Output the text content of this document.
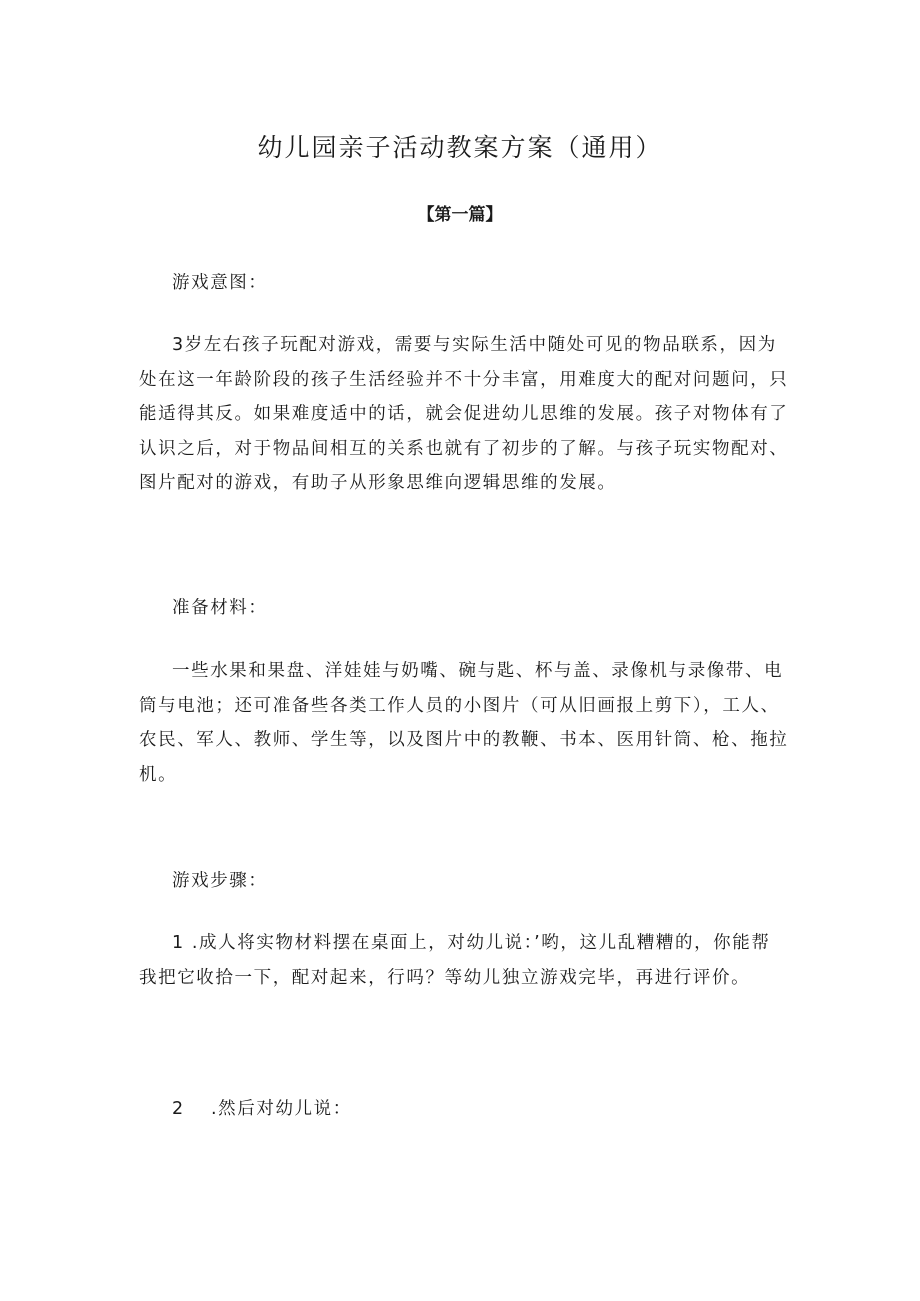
幼儿园亲子活动教案方案（通用）
【第一篇】

游戏意图：

3岁左右孩子玩配对游戏，需要与实际生活中随处可见的物品联系，因为处在这一年龄阶段的孩子生活经验并不十分丰富，用难度大的配对问题问，只能适得其反。如果难度适中的话，就会促进幼儿思维的发展。孩子对物体有了认识之后，对于物品间相互的关系也就有了初步的了解。与孩子玩实物配对、图片配对的游戏，有助子从形象思维向逻辑思维的发展。

准备材料：

一些水果和果盘、洋娃娃与奶嘴、碗与匙、杯与盖、录像机与录像带、电筒与电池；还可准备些各类工作人员的小图片（可从旧画报上剪下），工人、农民、军人、教师、学生等，以及图片中的教鞭、书本、医用针筒、枪、拖拉机。

游戏步骤：

1 .成人将实物材料摆在桌面上，对幼儿说：’哟，这儿乱糟糟的，你能帮我把它收拾一下，配对起来，行吗？等幼儿独立游戏完毕，再进行评价。

2　 .然后对幼儿说：
